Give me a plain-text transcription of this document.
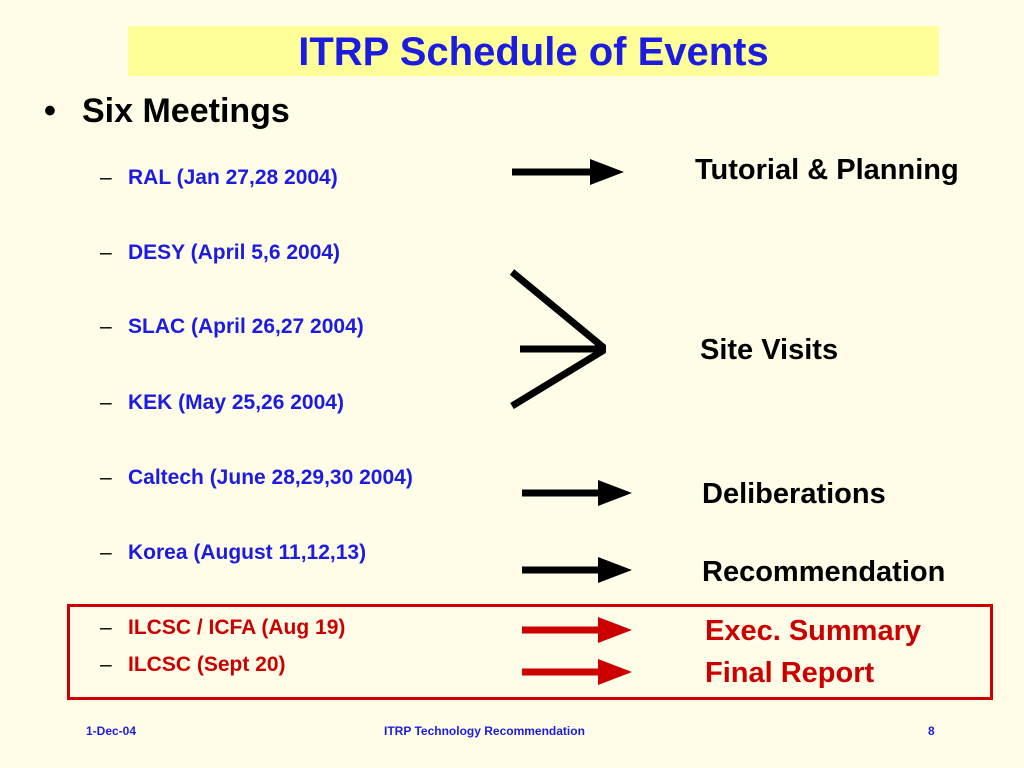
ITRP Schedule of Events
• Six Meetings
– RAL (Jan 27,28 2004)
– DESY (April 5,6 2004)
– SLAC (April 26,27 2004)
– KEK (May 25,26 2004)
– Caltech (June 28,29,30 2004)
– Korea (August 11,12,13)
– ILCSC / ICFA (Aug 19)
– ILCSC (Sept 20)
Tutorial & Planning
Site Visits
Deliberations
Recommendation
Exec. Summary
Final Report
1-Dec-04	ITRP Technology Recommendation	8
